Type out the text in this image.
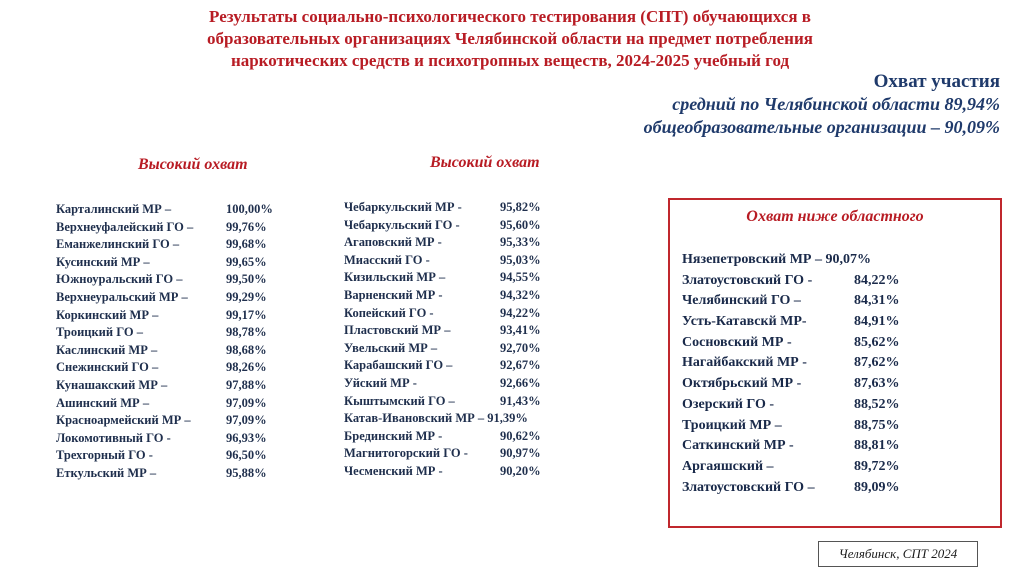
Результаты социально-психологического тестирования (СПТ) обучающихся в
образовательных организациях Челябинской области на предмет потребления
наркотических средств и психотропных веществ, 2024-2025 учебный год
Охват участия
средний по Челябинской области 89,94%
общеобразовательные организации – 90,09%
Высокий охват
Карталинский МР –	100,00%
Верхнеуфалейский ГО –	99,76%
Еманжелинский ГО –	99,68%
Кусинский МР –	99,65%
Южноуральский ГО –	99,50%
Верхнеуральский МР –	99,29%
Коркинский МР –	99,17%
Троицкий ГО –	98,78%
Каслинский МР –	98,68%
Снежинский ГО –	98,26%
Кунашакский МР –	97,88%
Ашинский МР –	97,09%
Красноармейский МР –	97,09%
Локомотивный ГО -	96,93%
Трехгорный ГО -	96,50%
Еткульский МР –	95,88%
Высокий охват
Чебаркульский МР -	95,82%
Чебаркульский ГО -	95,60%
Агаповский МР -	95,33%
Миасский ГО -	95,03%
Кизильский МР –	94,55%
Варненский МР -	94,32%
Копейский ГО -	94,22%
Пластовский МР –	93,41%
Увельский МР –	92,70%
Карабашский ГО –	92,67%
Уйский МР -	92,66%
Кыштымский ГО –	91,43%
Катав-Ивановский МР – 91,39%
Брединский МР -	90,62%
Магнитогорский ГО -	90,97%
Чесменский МР -	90,20%
Охват ниже областного
Нязепетровский МР – 90,07%
Златоустовский ГО -	84,22%
Челябинский ГО –	84,31%
Усть-Катавскй МР-	84,91%
Сосновский МР -	85,62%
Нагайбакский МР -	87,62%
Октябрьский МР -	87,63%
Озерский ГО -	88,52%
Троицкий МР –	88,75%
Саткинский МР -	88,81%
Аргаяшский –	89,72%
Златоустовский ГО –	89,09%
Челябинск, СПТ 2024
